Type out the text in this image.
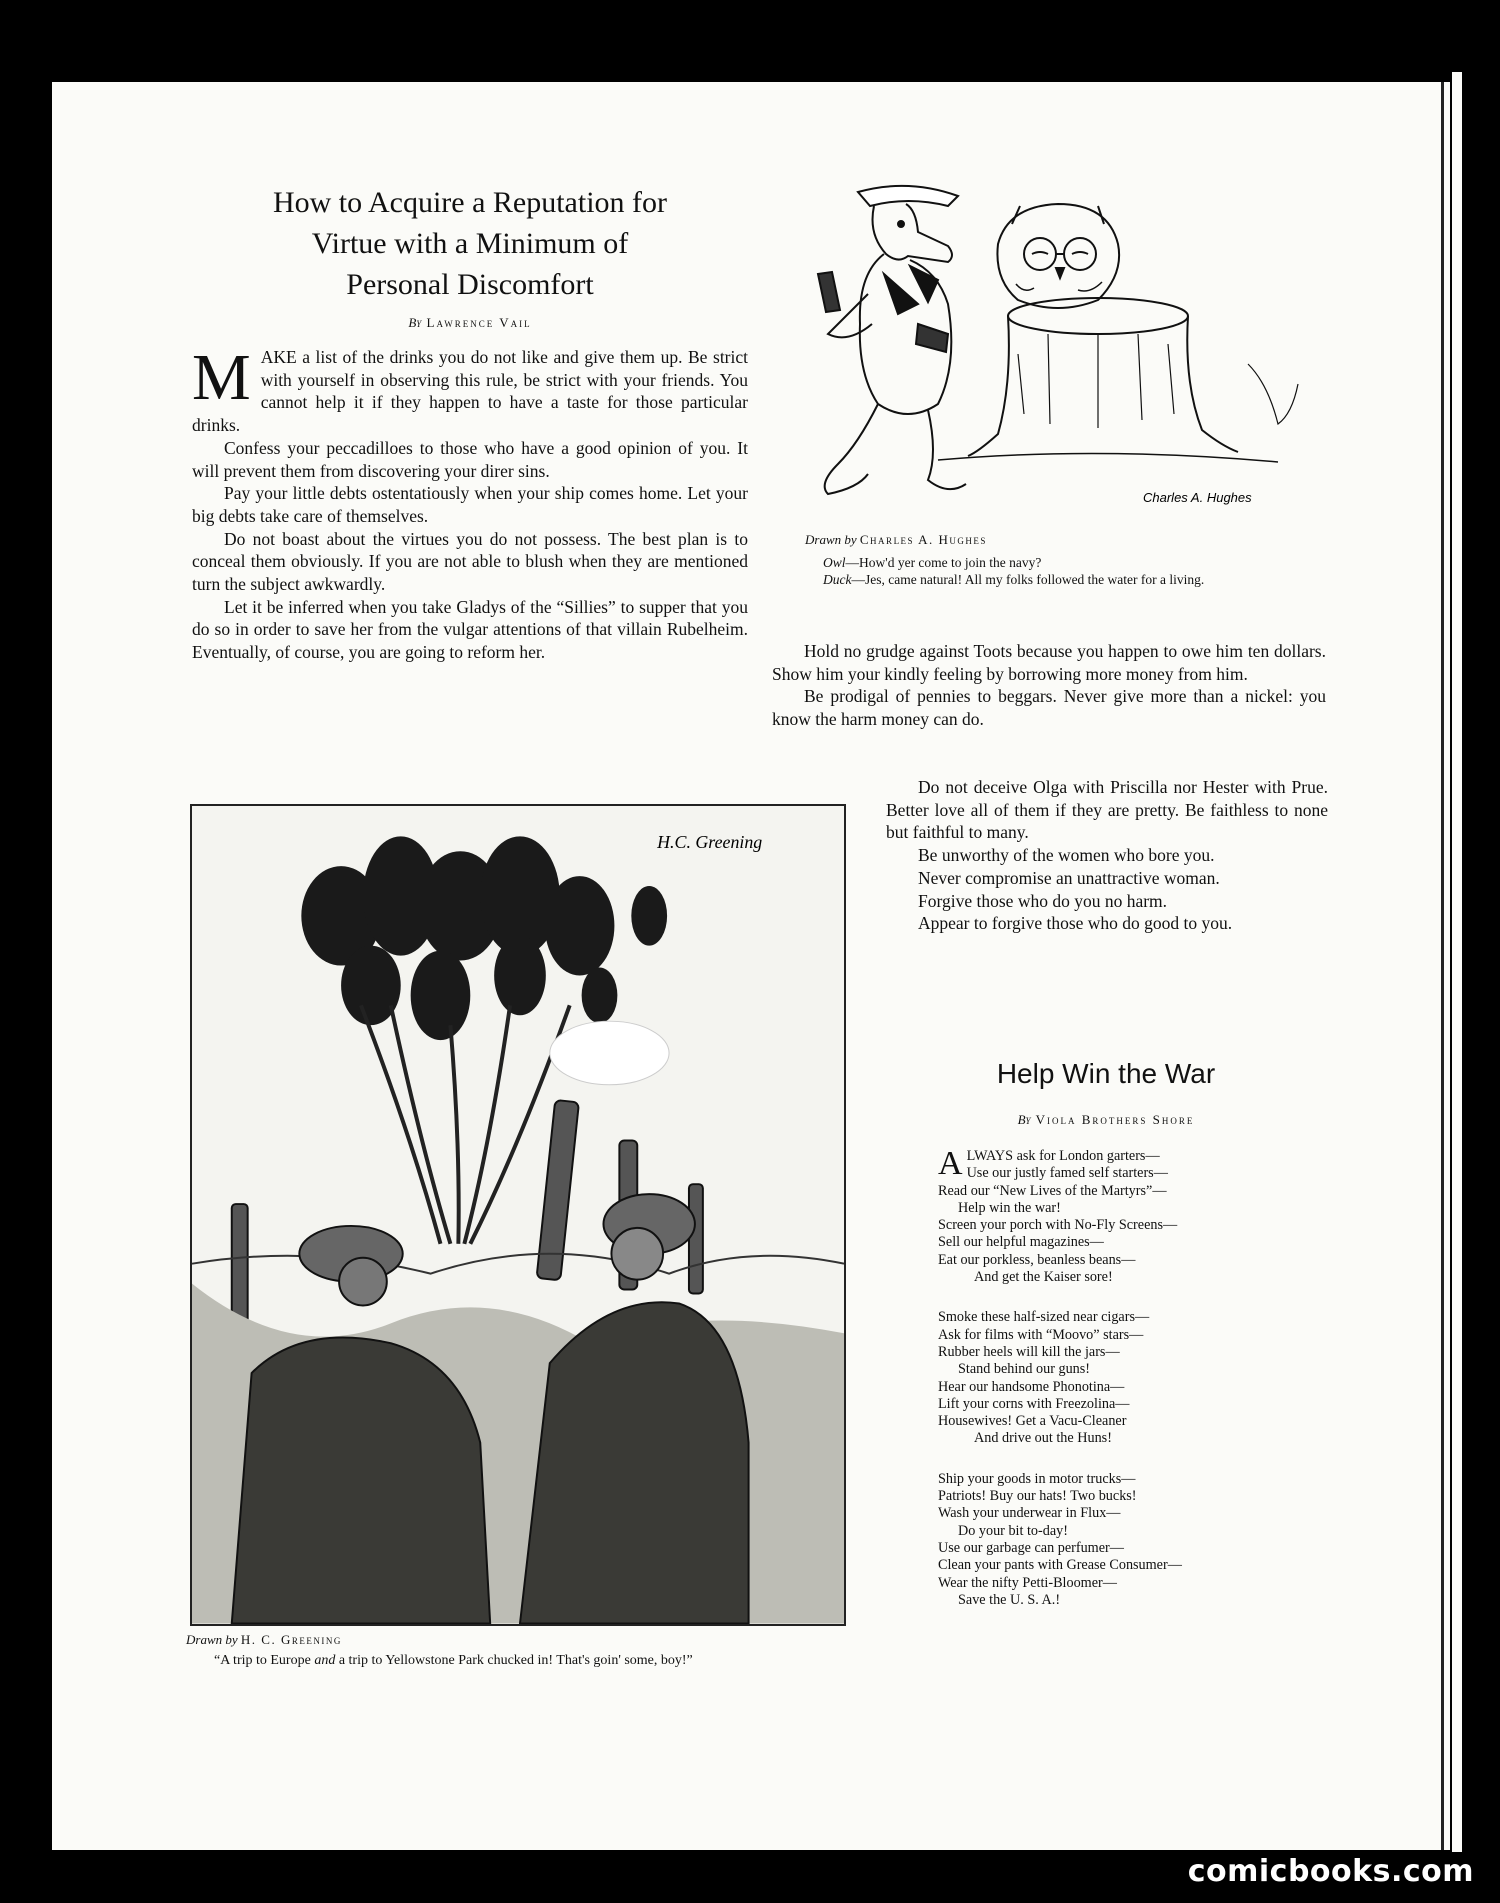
How to Acquire a Reputation for
Virtue with a Minimum of
Personal Discomfort
By Lawrence Vail

MAKE a list of the drinks you do not like and give them up. Be strict with yourself in observing this rule, be strict with your friends. You cannot help it if they happen to have a taste for those particular drinks.

Confess your peccadilloes to those who have a good opinion of you. It will prevent them from discovering your direr sins.

Pay your little debts ostentatiously when your ship comes home. Let your big debts take care of themselves.

Do not boast about the virtues you do not possess. The best plan is to conceal them obviously. If you are not able to blush when they are mentioned turn the subject awkwardly.

Let it be inferred when you take Gladys of the “Sillies” to supper that you do so in order to save her from the vulgar attentions of that villain Rubelheim. Eventually, of course, you are going to reform her.

Charles A. Hughes
Drawn by Charles A. Hughes

Owl—How'd yer come to join the navy?

Duck—Jes, came natural! All my folks followed the water for a living.

Hold no grudge against Toots because you happen to owe him ten dollars. Show him your kindly feeling by borrowing more money from him.

Be prodigal of pennies to beggars. Never give more than a nickel: you know the harm money can do.

Do not deceive Olga with Priscilla nor Hester with Prue. Better love all of them if they are pretty. Be faithless to none but faithful to many.

Be unworthy of the women who bore you.

Never compromise an unattractive woman.

Forgive those who do you no harm.

Appear to forgive those who do good to you.

H.C. Greening
Drawn by H. C. Greening
“A trip to Europe and a trip to Yellowstone Park chucked in! That's goin' some, boy!”
Help Win the War
By Viola Brothers Shore
ALWAYS ask for London garters—
Use our justly famed self starters—
Read our “New Lives of the Martyrs”—
Help win the war!
Screen your porch with No-Fly Screens—
Sell our helpful magazines—
Eat our porkless, beanless beans—
And get the Kaiser sore!
Smoke these half-sized near cigars—
Ask for films with “Moovo” stars—
Rubber heels will kill the jars—
Stand behind our guns!
Hear our handsome Phonotina—
Lift your corns with Freezolina—
Housewives! Get a Vacu-Cleaner
And drive out the Huns!
Ship your goods in motor trucks—
Patriots! Buy our hats! Two bucks!
Wash your underwear in Flux—
Do your bit to-day!
Use our garbage can perfumer—
Clean your pants with Grease Consumer—
Wear the nifty Petti-Bloomer—
Save the U. S. A.!
comicbooks.com
